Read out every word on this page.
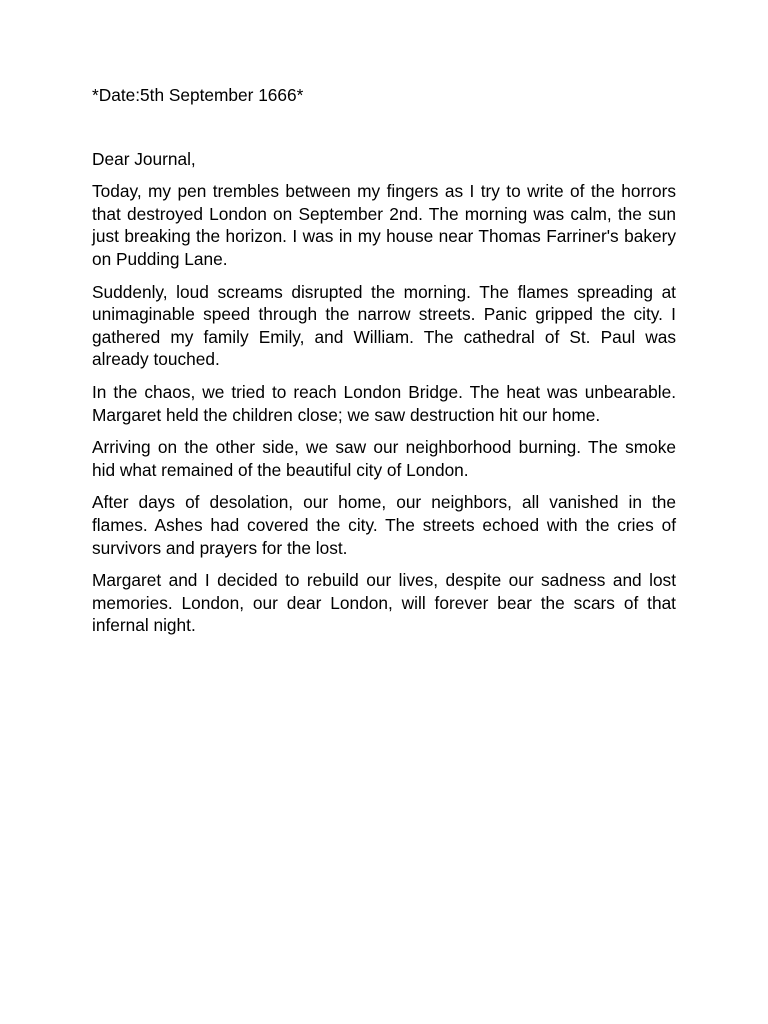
*Date:5th September 1666*

Dear Journal,

Today, my pen trembles between my fingers as I try to write of the horrors that destroyed London on September 2nd. The morning was calm, the sun just breaking the horizon. I was in my house near Thomas Farriner's bakery on Pudding Lane.

Suddenly, loud screams disrupted the morning. The flames spreading at unimaginable speed through the narrow streets. Panic gripped the city. I gathered my family Emily, and William. The cathedral of St. Paul was already touched.

In the chaos, we tried to reach London Bridge. The heat was unbearable. Margaret held the children close; we saw destruction hit our home.

Arriving on the other side, we saw our neighborhood burning. The smoke hid what remained of the beautiful city of London.

After days of desolation, our home, our neighbors, all vanished in the flames. Ashes had covered the city. The streets echoed with the cries of survivors and prayers for the lost.

Margaret and I decided to rebuild our lives, despite our sadness and lost memories. London, our dear London, will forever bear the scars of that infernal night.
